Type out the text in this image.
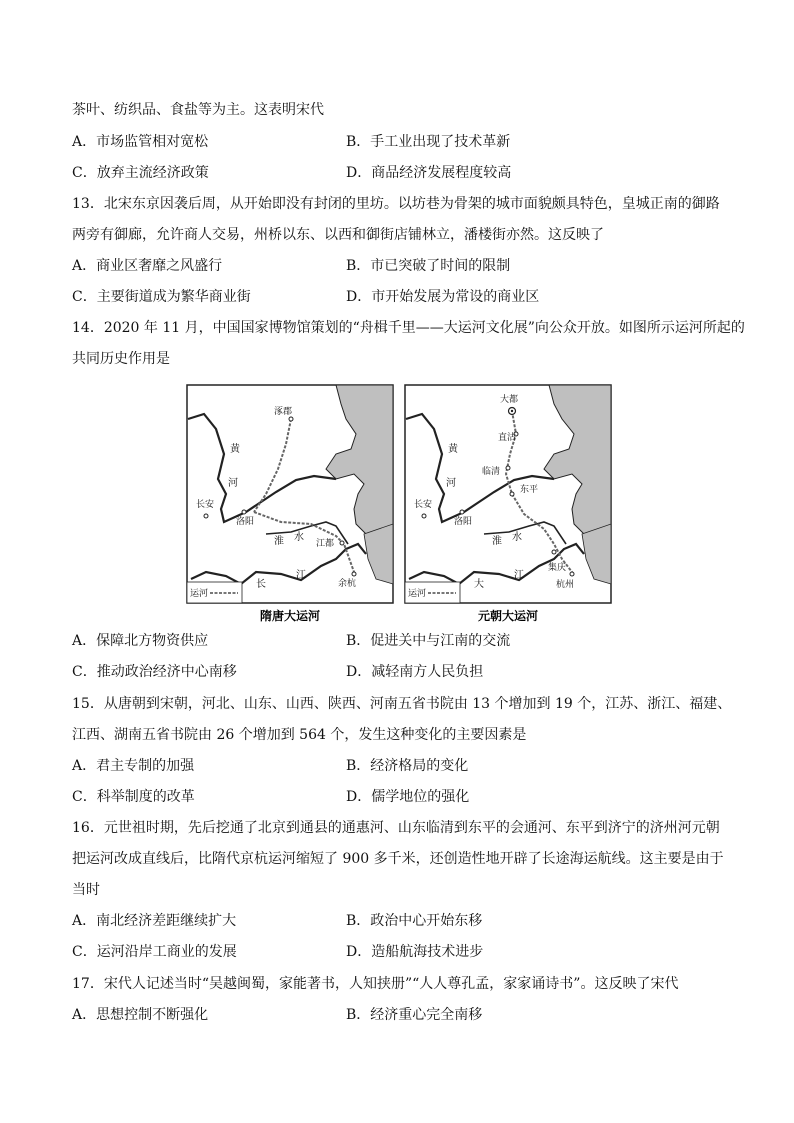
茶叶、纺织品、食盐等为主。这表明宋代
A．市场监管相对宽松	B．手工业出现了技术革新
C．放弃主流经济政策	D．商品经济发展程度较高
13．北宋东京因袭后周，从开始即没有封闭的里坊。以坊巷为骨架的城市面貌颇具特色，皇城正南的御路
两旁有御廊，允许商人交易，州桥以东、以西和御街店铺林立，潘楼街亦然。这反映了
A．商业区奢靡之风盛行	B．市已突破了时间的限制
C．主要街道成为繁华商业街	D．市开始发展为常设的商业区
14．2020 年 11 月，中国国家博物馆策划的“舟楫千里——大运河文化展”向公众开放。如图所示运河所起的
共同历史作用是
涿郡
长安
洛阳
江都
余杭
黄
河
淮 水
长
江
运河
隋唐大运河
大都
直沽
临清
东平
长安
洛阳
集庆
杭州
黄
河
淮 水
大
江
运河
元朝大运河
A．保障北方物资供应	B．促进关中与江南的交流
C．推动政治经济中心南移	D．减轻南方人民负担
15．从唐朝到宋朝，河北、山东、山西、陕西、河南五省书院由 13 个增加到 19 个，江苏、浙江、福建、
江西、湖南五省书院由 26 个增加到 564 个，发生这种变化的主要因素是
A．君主专制的加强	B．经济格局的变化
C．科举制度的改革	D．儒学地位的强化
16．元世祖时期，先后挖通了北京到通县的通惠河、山东临清到东平的会通河、东平到济宁的济州河元朝
把运河改成直线后，比隋代京杭运河缩短了 900 多千米，还创造性地开辟了长途海运航线。这主要是由于
当时
A．南北经济差距继续扩大	B．政治中心开始东移
C．运河沿岸工商业的发展	D．造船航海技术进步
17．宋代人记述当时“吴越闽蜀，家能著书，人知挟册”“人人尊孔孟，家家诵诗书”。这反映了宋代
A．思想控制不断强化	B．经济重心完全南移
